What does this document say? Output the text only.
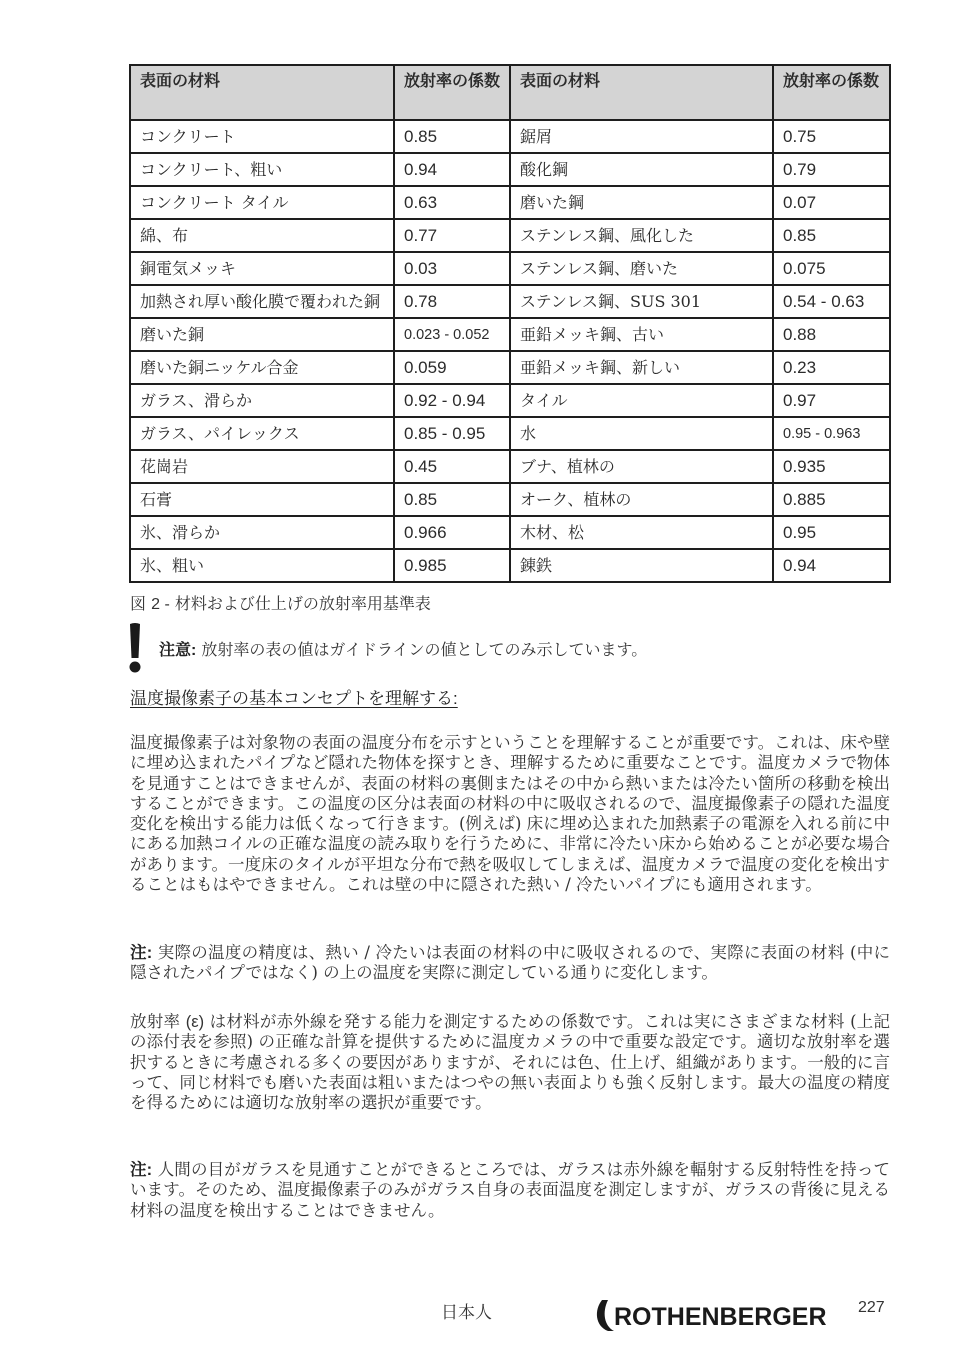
表面の材料	放射率の係数	表面の材料	放射率の係数
コンクリート	0.85	鋸屑	0.75
コンクリート、粗い	0.94	酸化鋼	0.79
コンクリート タイル	0.63	磨いた鋼	0.07
綿、布	0.77	ステンレス鋼、風化した	0.85
銅電気メッキ	0.03	ステンレス鋼、磨いた	0.075
加熱され厚い酸化膜で覆われた銅	0.78	ステンレス鋼、SUS 301	0.54 - 0.63
磨いた銅	0.023 - 0.052	亜鉛メッキ鋼、古い	0.88
磨いた銅ニッケル合金	0.059	亜鉛メッキ鋼、新しい	0.23
ガラス、滑らか	0.92 - 0.94	タイル	0.97
ガラス、パイレックス	0.85 - 0.95	水	0.95 - 0.963
花崗岩	0.45	ブナ、植林の	0.935
石膏	0.85	オーク、植林の	0.885
氷、滑らか	0.966	木材、松	0.95
氷、粗い	0.985	錬鉄	0.94
図 2 - 材料および仕上げの放射率用基準表
注意: 放射率の表の値はガイドラインの値としてのみ示しています。
温度撮像素子の基本コンセプトを理解する:

温度撮像素子は対象物の表面の温度分布を示すということを理解することが重要です。これは、床や壁に埋め込まれたパイプなど隠れた物体を探すとき、理解するために重要なことです。温度カメラで物体を見通すことはできませんが、表面の材料の裏側またはその中から熱いまたは冷たい箇所の移動を検出することができます。この温度の区分は表面の材料の中に吸収されるので、温度撮像素子の隠れた温度変化を検出する能力は低くなって行きます。(例えば) 床に埋め込まれた加熱素子の電源を入れる前に中にある加熱コイルの正確な温度の読み取りを行うために、非常に冷たい床から始めることが必要な場合があります。一度床のタイルが平坦な分布で熱を吸収してしまえば、温度カメラで温度の変化を検出することはもはやできません。これは壁の中に隠された熱い / 冷たいパイプにも適用されます。

注: 実際の温度の精度は、熱い / 冷たいは表面の材料の中に吸収されるので、実際に表面の材料 (中に隠されたパイプではなく) の上の温度を実際に測定している通りに変化します。

放射率 (ε) は材料が赤外線を発する能力を測定するための係数です。これは実にさまざまな材料 (上記の添付表を参照) の正確な計算を提供するために温度カメラの中で重要な設定です。適切な放射率を選択するときに考慮される多くの要因がありますが、それには色、仕上げ、組織があります。一般的に言って、同じ材料でも磨いた表面は粗いまたはつやの無い表面よりも強く反射します。最大の温度の精度を得るためには適切な放射率の選択が重要です。

注: 人間の目がガラスを見通すことができるところでは、ガラスは赤外線を輻射する反射特性を持っています。そのため、温度撮像素子のみがガラス自身の表面温度を測定しますが、ガラスの背後に見える材料の温度を検出することはできません。

日本人	ROTHENBERGER 227
